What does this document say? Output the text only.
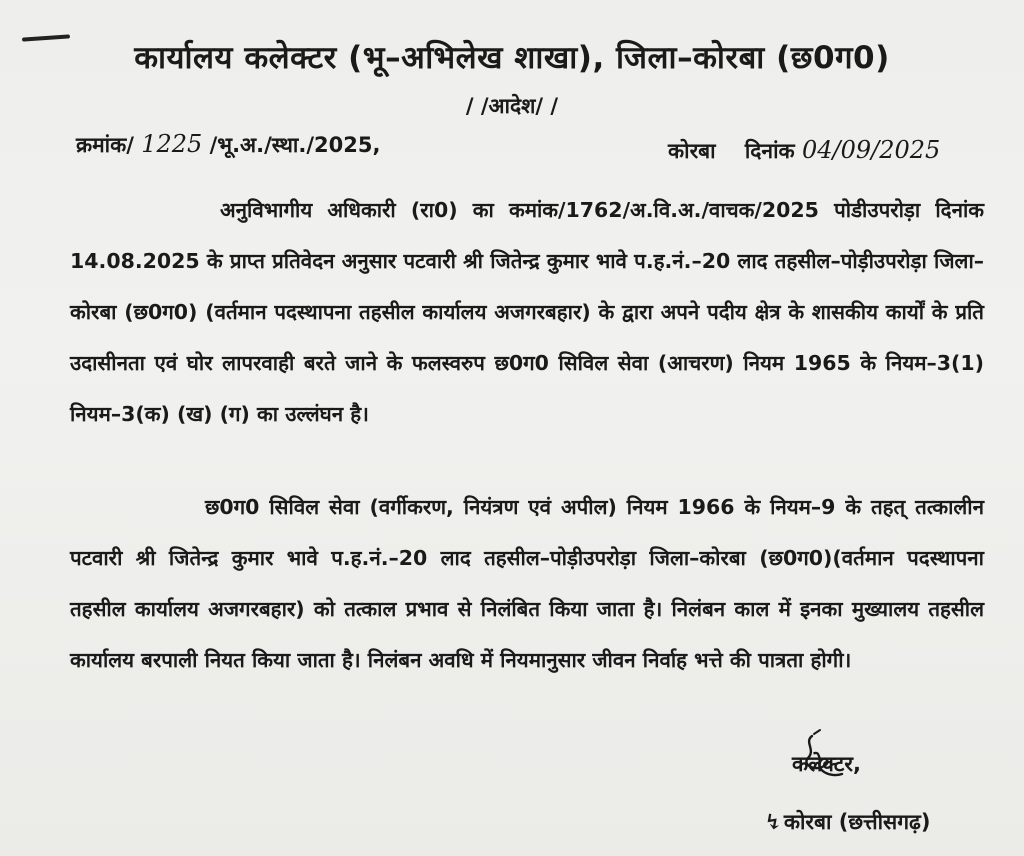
कार्यालय कलेक्टर (भू–अभिलेख शाखा), जिला–कोरबा (छ0ग0)
/ /आदेश/ /
क्रमांक/ 1225 /भू.अ./स्था./2025,	कोरबा दिनांक 04/09/2025

अनुविभागीय अधिकारी (रा0) का कमांक/1762/अ.वि.अ./वाचक/2025 पोडीउपरोड़ा दिनांक 14.08.2025 के प्राप्त प्रतिवेदन अनुसार पटवारी श्री जितेन्द्र कुमार भावे प.ह.नं.–20 लाद तहसील–पोड़ीउपरोड़ा जिला–कोरबा (छ0ग0) (वर्तमान पदस्थापना तहसील कार्यालय अजगरबहार) के द्वारा अपने पदीय क्षेत्र के शासकीय कार्यों के प्रति उदासीनता एवं घोर लापरवाही बरते जाने के फलस्वरुप छ0ग0 सिविल सेवा (आचरण) नियम 1965 के नियम–3(1) नियम–3(क) (ख) (ग) का उल्लंघन है।

छ0ग0 सिविल सेवा (वर्गीकरण, नियंत्रण एवं अपील) नियम 1966 के नियम–9 के तहत् तत्कालीन पटवारी श्री जितेन्द्र कुमार भावे प.ह.नं.–20 लाद तहसील–पोड़ीउपरोड़ा जिला–कोरबा (छ0ग0)(वर्तमान पदस्थापना तहसील कार्यालय अजगरबहार) को तत्काल प्रभाव से निलंबित किया जाता है। निलंबन काल में इनका मुख्यालय तहसील कार्यालय बरपाली नियत किया जाता है। निलंबन अवधि में नियमानुसार जीवन निर्वाह भत्ते की पात्रता होगी।

कलेक्टर,
↯कोरबा (छत्तीसगढ़)
